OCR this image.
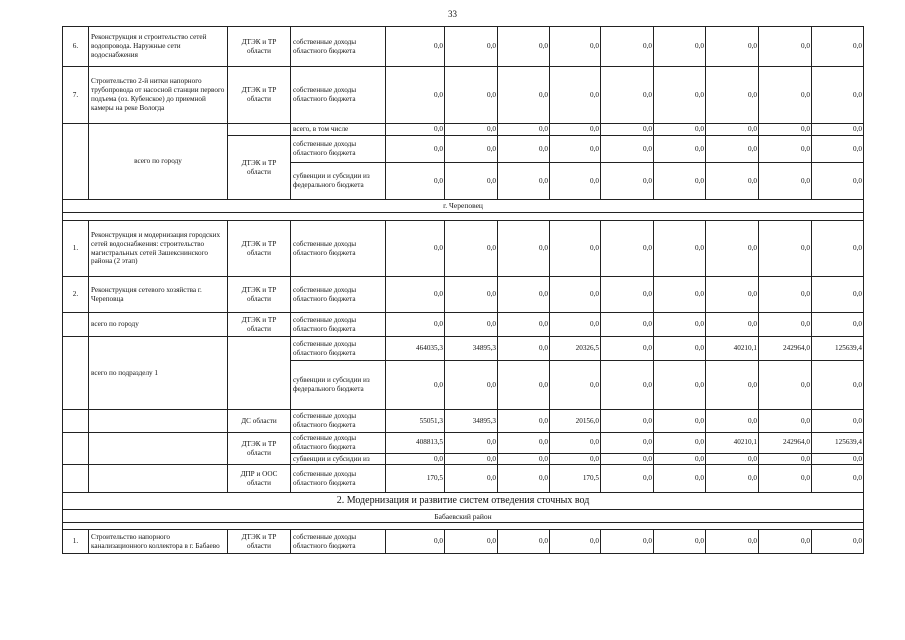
33
6.	Реконструкция и строительство сетей водопровода. Наружные сети водоснабжения	ДТЭК и ТР области	собственные доходы областного бюджета	0,0	0,0	0,0	0,0	0,0	0,0	0,0	0,0	0,0
7.	Строительство 2-й нитки напорного трубопровода от насосной станции первого подъема (оз. Кубенское) до приемной камеры на реке Вологда	ДТЭК и ТР области	собственные доходы областного бюджета	0,0	0,0	0,0	0,0	0,0	0,0	0,0	0,0	0,0
	всего по городу		всего, в том числе	0,0	0,0	0,0	0,0	0,0	0,0	0,0	0,0	0,0
		ДТЭК и ТР области	собственные доходы областного бюджета	0,0	0,0	0,0	0,0	0,0	0,0	0,0	0,0	0,0
			субвенции и субсидии из федерального бюджета	0,0	0,0	0,0	0,0	0,0	0,0	0,0	0,0	0,0
г. Череповец												

1.	Реконструкция и модернизация городских сетей водоснабжения: строительство магистральных сетей Зашекснинского района (2 этап)	ДТЭК и ТР области	собственные доходы областного бюджета	0,0	0,0	0,0	0,0	0,0	0,0	0,0	0,0	0,0
2.	Реконструкция сетевого хозяйства г. Череповца	ДТЭК и ТР области	собственные доходы областного бюджета	0,0	0,0	0,0	0,0	0,0	0,0	0,0	0,0	0,0
	всего по городу	ДТЭК и ТР области	собственные доходы областного бюджета	0,0	0,0	0,0	0,0	0,0	0,0	0,0	0,0	0,0
	всего по подразделу 1		собственные доходы областного бюджета	464035,3	34895,3	0,0	20326,5	0,0	0,0	40210,1	242964,0	125639,4
			субвенции и субсидии из федерального бюджета	0,0	0,0	0,0	0,0	0,0	0,0	0,0	0,0	0,0
		ДС области	собственные доходы областного бюджета	55051,3	34895,3	0,0	20156,0	0,0	0,0	0,0	0,0	0,0
		ДТЭК и ТР области	собственные доходы областного бюджета	408813,5	0,0	0,0	0,0	0,0	0,0	40210,1	242964,0	125639,4
			субвенции и субсидии из	0,0	0,0	0,0	0,0	0,0	0,0	0,0	0,0	0,0
		ДПР и ООС области	собственные доходы областного бюджета	170,5	0,0	0,0	170,5	0,0	0,0	0,0	0,0	0,0
2. Модернизация и развитие систем отведения сточных вод												
Бабаевский район												

1.	Строительство напорного канализационного коллектора в г. Бабаево	ДТЭК и ТР области	собственные доходы областного бюджета	0,0	0,0	0,0	0,0	0,0	0,0	0,0	0,0	0,0
